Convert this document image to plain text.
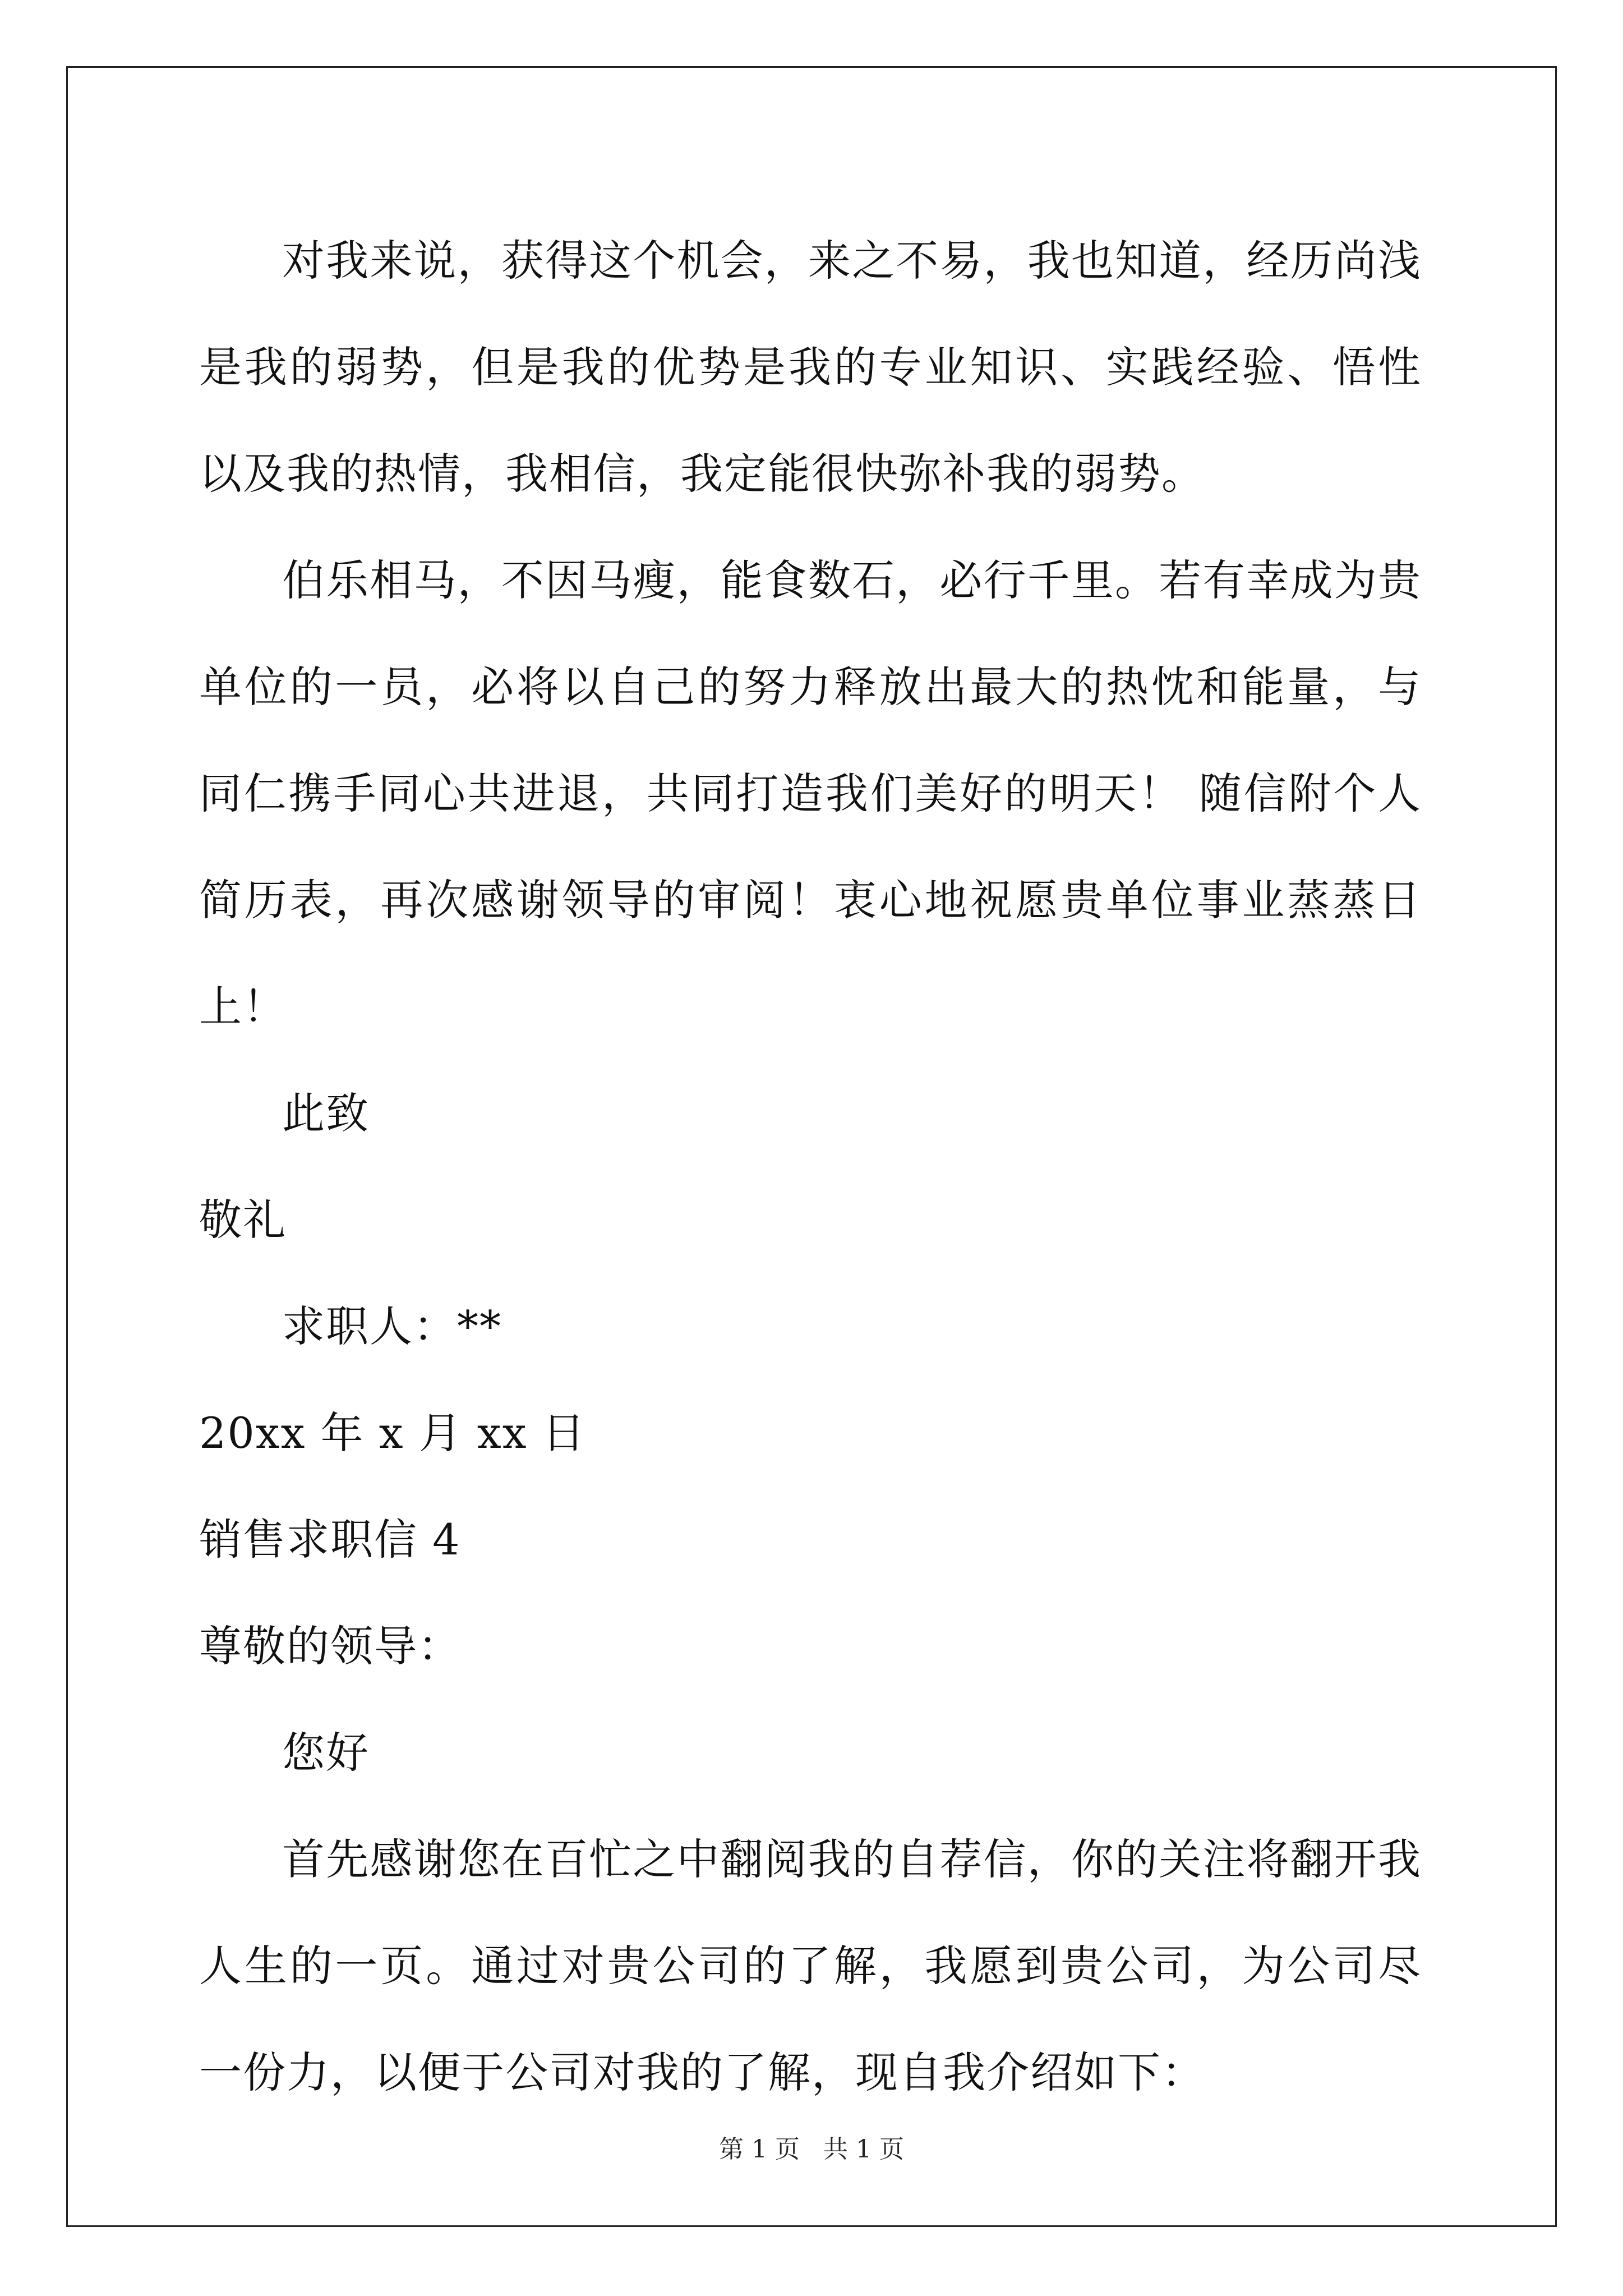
对我来说，获得这个机会，来之不易，我也知道，经历尚浅是我的弱势，但是我的优势是我的专业知识、实践经验、悟性以及我的热情，我相信，我定能很快弥补我的弱势。

伯乐相马，不因马瘦，能食数石，必行千里。若有幸成为贵单位的一员，必将以自己的努力释放出最大的热忱和能量，与同仁携手同心共进退，共同打造我们美好的明天！ 随信附个人简历表，再次感谢领导的审阅！衷心地祝愿贵单位事业蒸蒸日上！

此致

敬礼

求职人：**

20xx 年 x 月 xx 日

销售求职信 4

尊敬的领导：

您好

首先感谢您在百忙之中翻阅我的自荐信，你的关注将翻开我人生的一页。通过对贵公司的了解，我愿到贵公司，为公司尽一份力，以便于公司对我的了解，现自我介绍如下：

第 1 页 共 1 页
